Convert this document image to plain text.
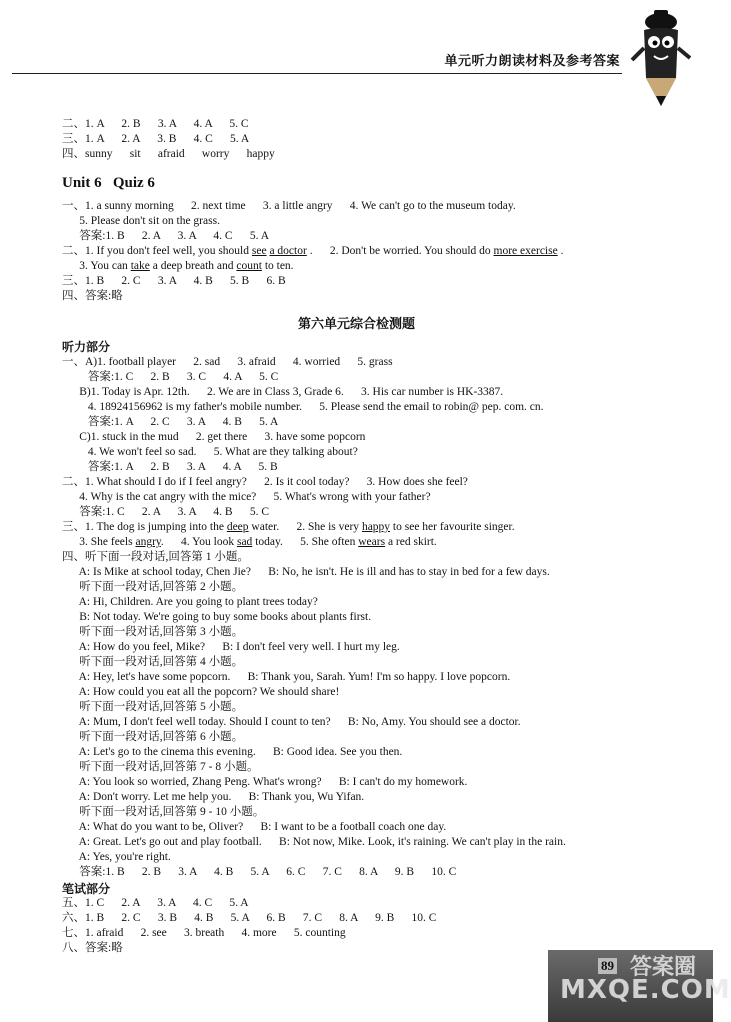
单元听力朗读材料及参考答案
二、1. A      2. B      3. A      4. A      5. C
三、1. A      2. A      3. B      4. C      5. A
四、sunny      sit      afraid      worry      happy
Unit 6   Quiz 6
一、1. a sunny morning      2. next time      3. a little angry      4. We can't go to the museum today.
5. Please don't sit on the grass.
答案:1. B      2. A      3. A      4. C      5. A
二、1. If you don't feel well, you should see a doctor .      2. Don't be worried. You should do more exercise .
3. You can take a deep breath and count to ten.
三、1. B      2. C      3. A      4. B      5. B      6. B
四、答案:略
第六单元综合检测题
听力部分
一、A)1. football player      2. sad      3. afraid      4. worried      5. grass
答案:1. C      2. B      3. C      4. A      5. C
B)1. Today is Apr. 12th.      2. We are in Class 3, Grade 6.      3. His car number is HK-3387.
4. 18924156962 is my father's mobile number.      5. Please send the email to robin@ pep. com. cn.
答案:1. A      2. C      3. A      4. B      5. A
C)1. stuck in the mud      2. get there      3. have some popcorn
4. We won't feel so sad.      5. What are they talking about?
答案:1. A      2. B      3. A      4. A      5. B
二、1. What should I do if I feel angry?      2. Is it cool today?      3. How does she feel?
4. Why is the cat angry with the mice?      5. What's wrong with your father?
答案:1. C      2. A      3. A      4. B      5. C
三、1. The dog is jumping into the deep water.      2. She is very happy to see her favourite singer.
3. She feels angry.      4. You look sad today.      5. She often wears a red skirt.
四、听下面一段对话,回答第 1 小题。
A: Is Mike at school today, Chen Jie?      B: No, he isn't. He is ill and has to stay in bed for a few days.
听下面一段对话,回答第 2 小题。
A: Hi, Children. Are you going to plant trees today?
B: Not today. We're going to buy some books about plants first.
听下面一段对话,回答第 3 小题。
A: How do you feel, Mike?      B: I don't feel very well. I hurt my leg.
听下面一段对话,回答第 4 小题。
A: Hey, let's have some popcorn.      B: Thank you, Sarah. Yum! I'm so happy. I love popcorn.
A: How could you eat all the popcorn? We should share!
听下面一段对话,回答第 5 小题。
A: Mum, I don't feel well today. Should I count to ten?      B: No, Amy. You should see a doctor.
听下面一段对话,回答第 6 小题。
A: Let's go to the cinema this evening.      B: Good idea. See you then.
听下面一段对话,回答第 7 - 8 小题。
A: You look so worried, Zhang Peng. What's wrong?      B: I can't do my homework.
A: Don't worry. Let me help you.      B: Thank you, Wu Yifan.
听下面一段对话,回答第 9 - 10 小题。
A: What do you want to be, Oliver?      B: I want to be a football coach one day.
A: Great. Let's go out and play football.      B: Not now, Mike. Look, it's raining. We can't play in the rain.
A: Yes, you're right.
答案:1. B      2. B      3. A      4. B      5. A      6. C      7. C      8. A      9. B      10. C
笔试部分
五、1. C      2. A      3. A      4. C      5. A
六、1. B      2. C      3. B      4. B      5. A      6. B      7. C      8. A      9. B      10. C
七、1. afraid      2. see      3. breath      4. more      5. counting
八、答案:略
89 答案圈
MXQE.COM
